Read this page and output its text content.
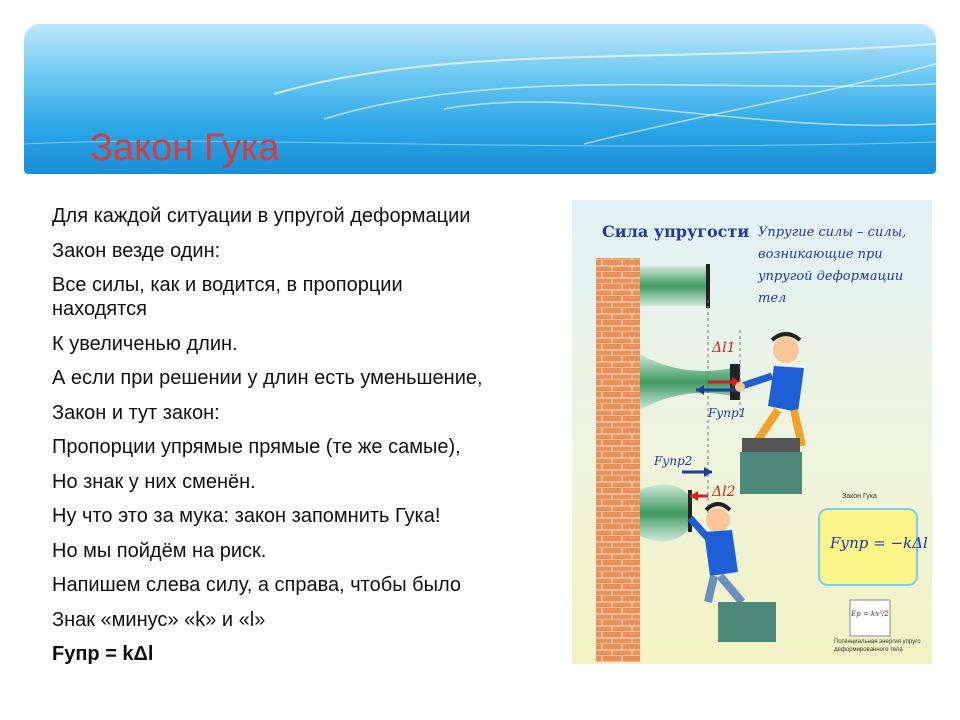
Закон Гука

Для каждой ситуации в упругой деформации

Закон везде один:

Все силы, как и водится, в пропорции находятся

К увеличенью длин.

А если при решении у длин есть уменьшение,

Закон и тут закон:

Пропорции упрямые прямые (те же самые),

Но знак у них сменён.

Ну что это за мука: закон запомнить Гука!

Но мы пойдём на риск.

Напишем слева силу, а справа, чтобы было

Знак «минус» «k» и «l»

Fупр = kΔl

Сила упругости Упругие силы – силы, возникающие при упругой деформации тел
Δl1
Fупр1
Fупр2
Δl2	Закон Гука
Fупр = −kΔl
Ep = kx²/2
Потенциальная энергия упруго деформированного тела
